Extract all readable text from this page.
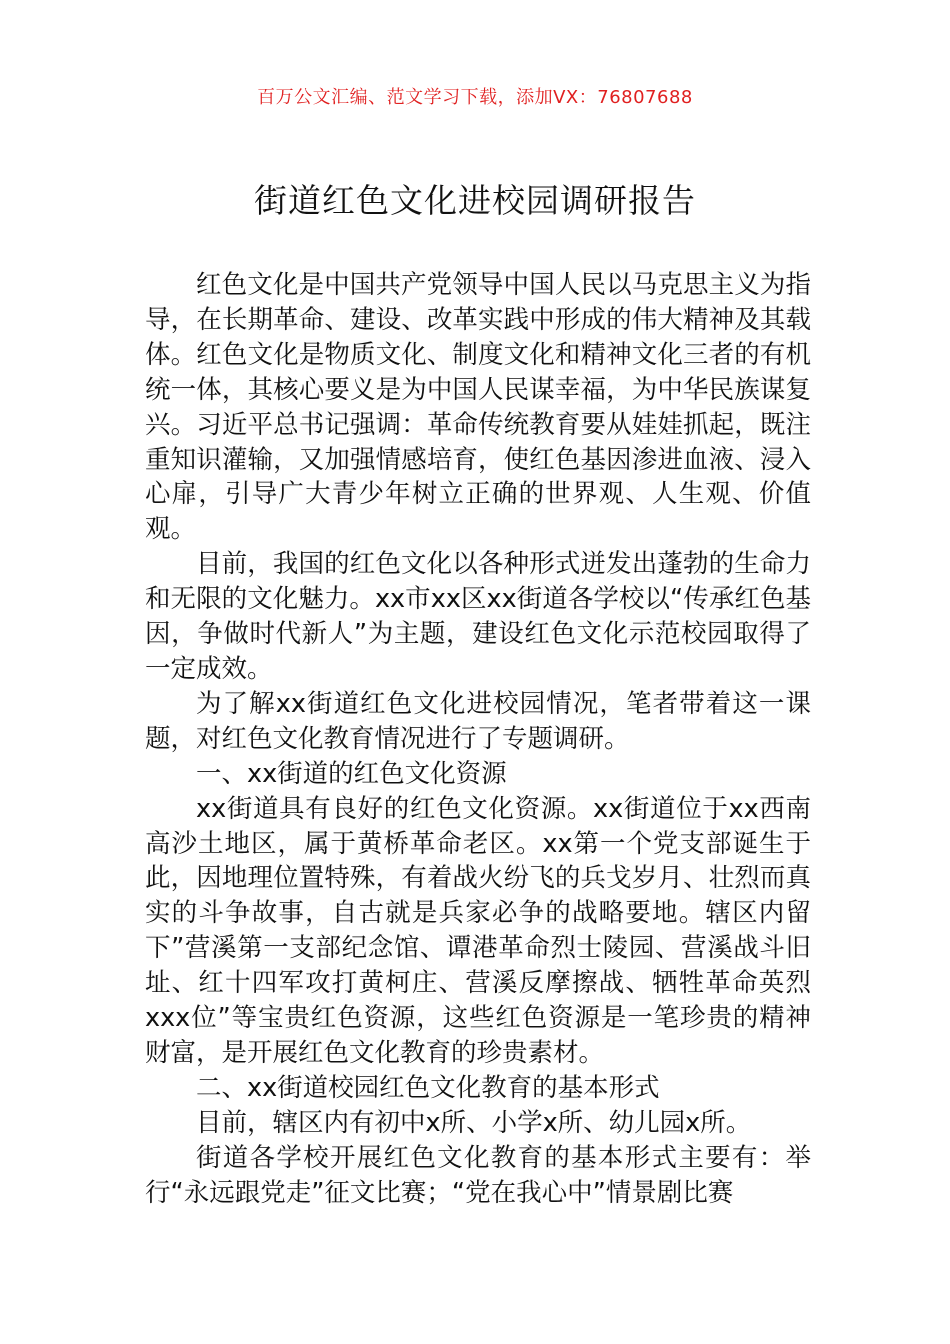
百万公文汇编、范文学习下载，添加VX：76807688
街道红色文化进校园调研报告

红色文化是中国共产党领导中国人民以马克思主义为指导，在长期革命、建设、改革实践中形成的伟大精神及其载体。红色文化是物质文化、制度文化和精神文化三者的有机统一体，其核心要义是为中国人民谋幸福，为中华民族谋复兴。习近平总书记强调：革命传统教育要从娃娃抓起，既注重知识灌输，又加强情感培育，使红色基因渗进血液、浸入心扉，引导广大青少年树立正确的世界观、人生观、价值观。

目前，我国的红色文化以各种形式迸发出蓬勃的生命力和无限的文化魅力。xx市xx区xx街道各学校以“传承红色基因，争做时代新人”为主题，建设红色文化示范校园取得了一定成效。

为了解xx街道红色文化进校园情况，笔者带着这一课题，对红色文化教育情况进行了专题调研。

一、xx街道的红色文化资源

xx街道具有良好的红色文化资源。xx街道位于xx西南高沙土地区，属于黄桥革命老区。xx第一个党支部诞生于此，因地理位置特殊，有着战火纷飞的兵戈岁月、壮烈而真实的斗争故事，自古就是兵家必争的战略要地。辖区内留下”营溪第一支部纪念馆、谭港革命烈士陵园、营溪战斗旧址、红十四军攻打黄柯庄、营溪反摩擦战、牺牲革命英烈xxx位”等宝贵红色资源，这些红色资源是一笔珍贵的精神财富，是开展红色文化教育的珍贵素材。

二、xx街道校园红色文化教育的基本形式

目前，辖区内有初中x所、小学x所、幼儿园x所。

街道各学校开展红色文化教育的基本形式主要有：举行“永远跟党走”征文比赛；“党在我心中”情景剧比赛
